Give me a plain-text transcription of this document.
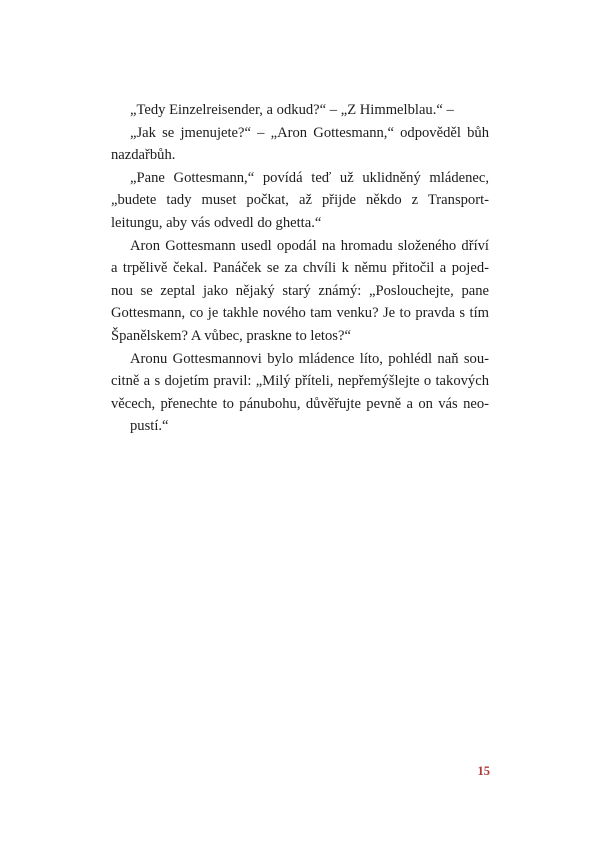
„Tedy Einzelreisender, a odkud?“ – „Z Himmelblau.“ –
„Jak se jmenujete?“ – „Aron Gottesmann,“ odpověděl bůh
nazdařbůh.
„Pane Gottesmann,“ povídá teď už uklidněný mládenec,
„budete tady muset počkat, až přijde někdo z Transport-
leitungu, aby vás odvedl do ghetta.“
Aron Gottesmann usedl opodál na hromadu složeného dříví
a trpělivě čekal. Panáček se za chvíli k němu přitočil a pojed-
nou se zeptal jako nějaký starý známý: „Poslouchejte, pane
Gottesmann, co je takhle nového tam venku? Je to pravda s tím
Španělskem? A vůbec, praskne to letos?“
Aronu Gottesmannovi bylo mládence líto, pohlédl naň sou-
citně a s dojetím pravil: „Milý příteli, nepřemýšlejte o takových
věcech, přenechte to pánubohu, důvěřujte pevně a on vás neo-
pustí.“
15
